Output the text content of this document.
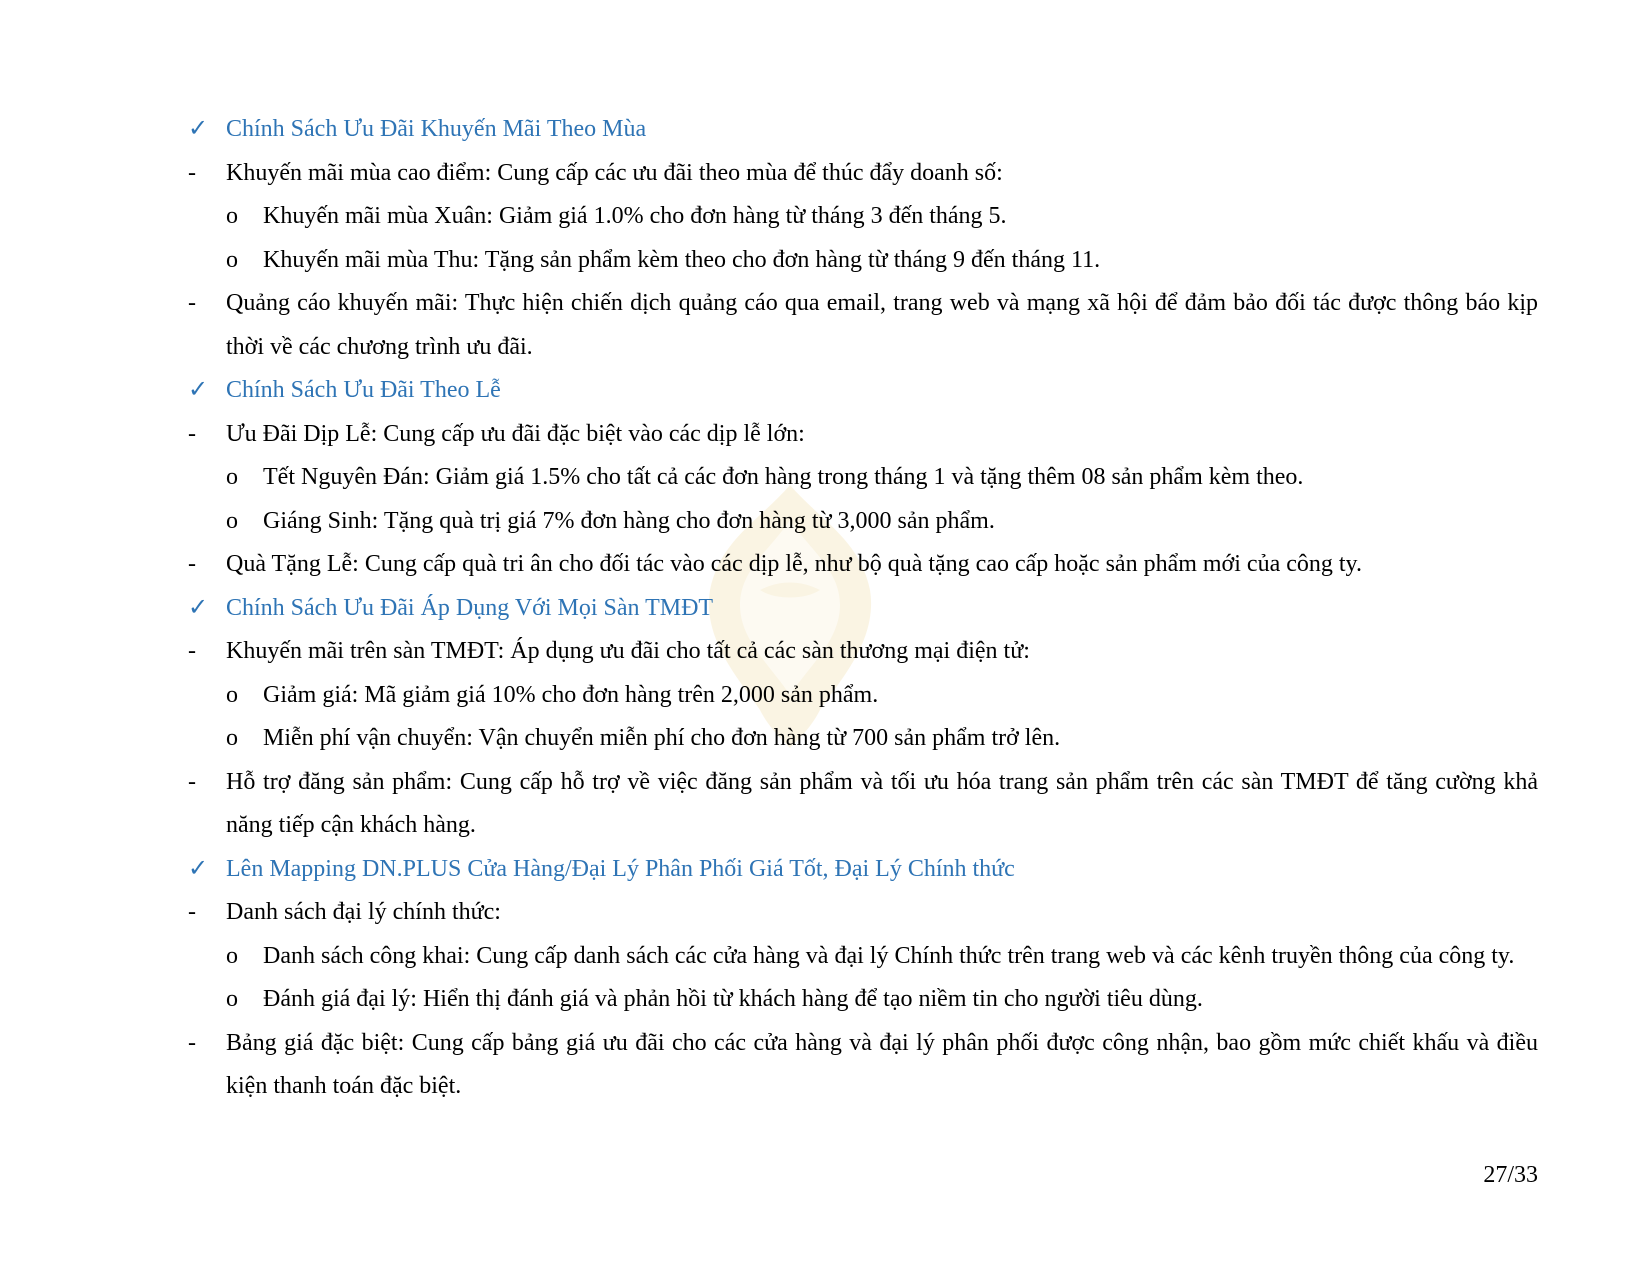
✓ Chính Sách Ưu Đãi Khuyến Mãi Theo Mùa
- Khuyến mãi mùa cao điểm: Cung cấp các ưu đãi theo mùa để thúc đẩy doanh số:
o Khuyến mãi mùa Xuân: Giảm giá 1.0% cho đơn hàng từ tháng 3 đến tháng 5.
o Khuyến mãi mùa Thu: Tặng sản phẩm kèm theo cho đơn hàng từ tháng 9 đến tháng 11.
- Quảng cáo khuyến mãi: Thực hiện chiến dịch quảng cáo qua email, trang web và mạng xã hội để đảm bảo đối tác được thông báo kịp thời về các chương trình ưu đãi.
✓ Chính Sách Ưu Đãi Theo Lễ
- Ưu Đãi Dịp Lễ: Cung cấp ưu đãi đặc biệt vào các dịp lễ lớn:
o Tết Nguyên Đán: Giảm giá 1.5% cho tất cả các đơn hàng trong tháng 1 và tặng thêm 08 sản phẩm kèm theo.
o Giáng Sinh: Tặng quà trị giá 7% đơn hàng cho đơn hàng từ 3,000 sản phẩm.
- Quà Tặng Lễ: Cung cấp quà tri ân cho đối tác vào các dịp lễ, như bộ quà tặng cao cấp hoặc sản phẩm mới của công ty.
✓ Chính Sách Ưu Đãi Áp Dụng Với Mọi Sàn TMĐT
- Khuyến mãi trên sàn TMĐT: Áp dụng ưu đãi cho tất cả các sàn thương mại điện tử:
o Giảm giá: Mã giảm giá 10% cho đơn hàng trên 2,000 sản phẩm.
o Miễn phí vận chuyển: Vận chuyển miễn phí cho đơn hàng từ 700 sản phẩm trở lên.
- Hỗ trợ đăng sản phẩm: Cung cấp hỗ trợ về việc đăng sản phẩm và tối ưu hóa trang sản phẩm trên các sàn TMĐT để tăng cường khả năng tiếp cận khách hàng.
✓ Lên Mapping DN.PLUS Cửa Hàng/Đại Lý Phân Phối Giá Tốt, Đại Lý Chính thức
- Danh sách đại lý chính thức:
o Danh sách công khai: Cung cấp danh sách các cửa hàng và đại lý Chính thức trên trang web và các kênh truyền thông của công ty.
o Đánh giá đại lý: Hiển thị đánh giá và phản hồi từ khách hàng để tạo niềm tin cho người tiêu dùng.
- Bảng giá đặc biệt: Cung cấp bảng giá ưu đãi cho các cửa hàng và đại lý phân phối được công nhận, bao gồm mức chiết khấu và điều kiện thanh toán đặc biệt.
27/33
